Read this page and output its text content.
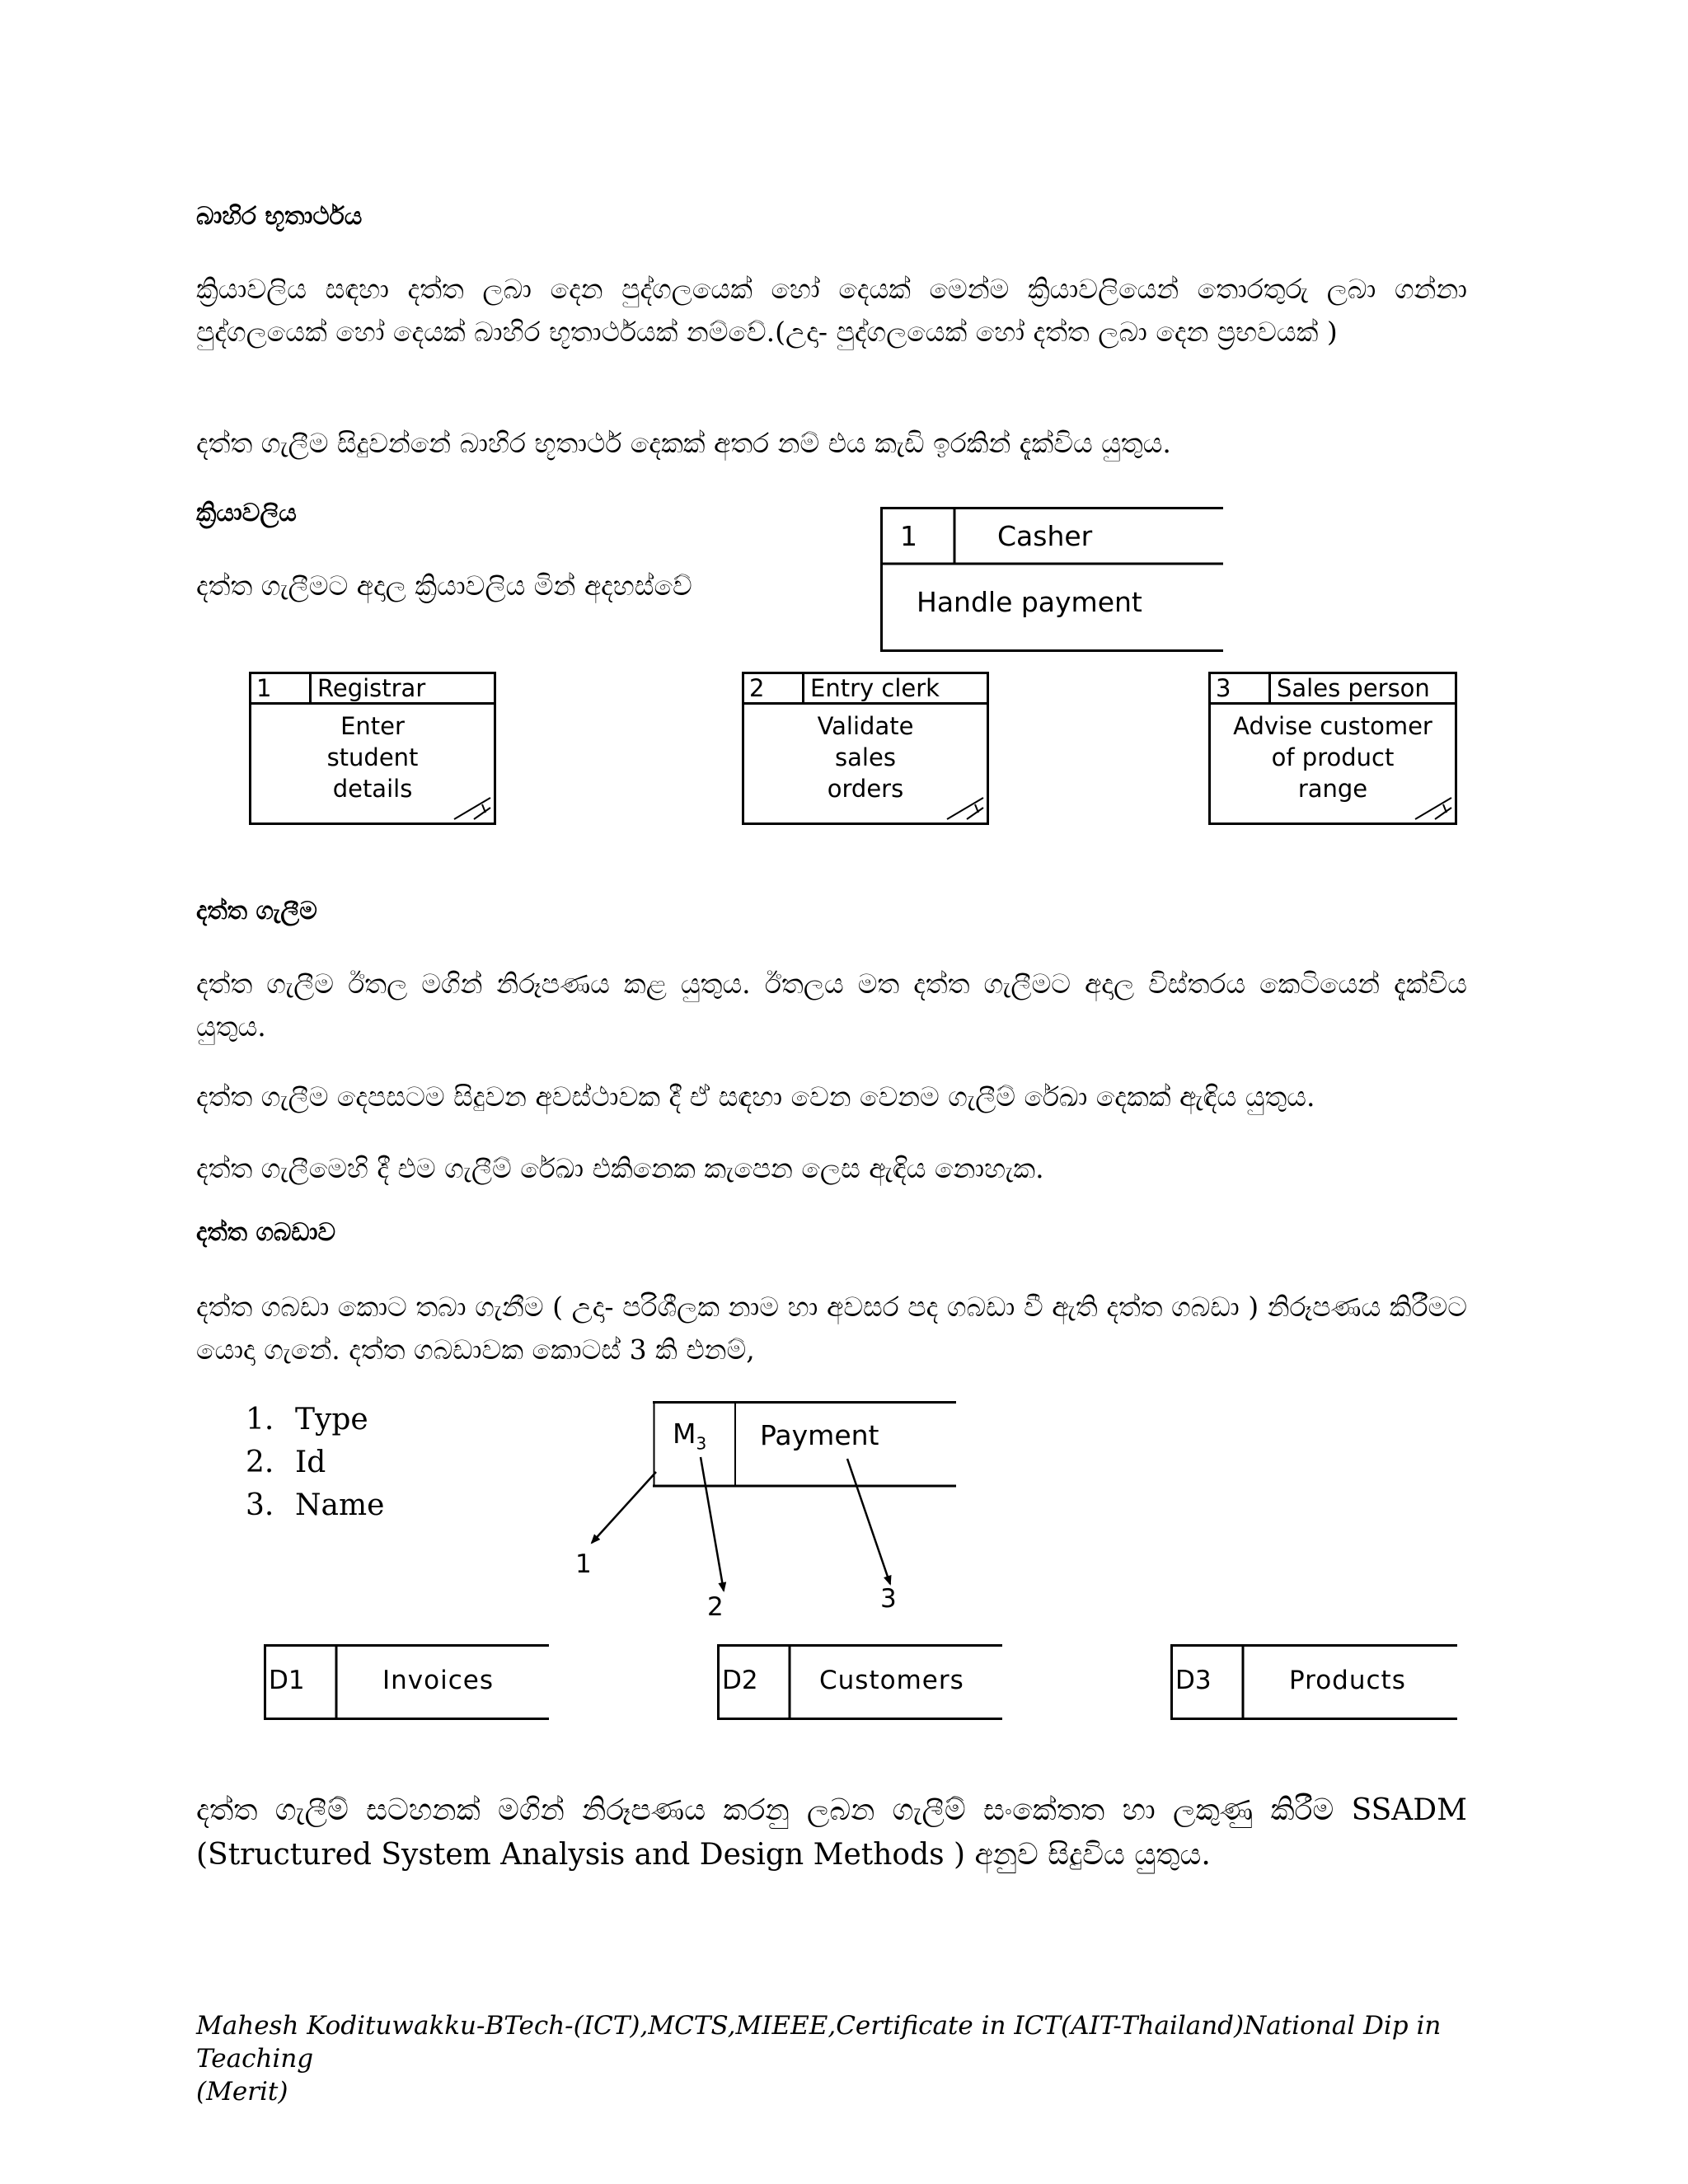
බාහිර භූතාර්ථය
ක්‍රියාවලිය සඳහා දත්ත ලබා දෙන පුද්ගලයෙක් හෝ දෙයක් මෙන්ම ක්‍රියාවලියෙන් තොරතුරු ලබා ගන්නා පුද්ගලයෙක් හෝ දෙයක් බාහිර භූතාර්ථයක් නම්වේ.(උදා- පුද්ගලයෙක් හෝ දත්ත ලබා දෙන ප්‍රභවයක් )
දත්ත ගැලීම සිදුවන්නේ බාහිර භූතාර්ථ දෙකක් අතර නම් එය කැඩි ඉරකින් දැක්විය යුතුය.
ක්‍රියාවලිය
දත්ත ගැලීමට අදාල ක්‍රියාවලිය මින් අදහස්වේ
1	Casher
Handle payment
1 Registrar
Enter
student
details
2 Entry clerk
Validate
sales
orders
3 Sales person
Advise customer
of product
range
දත්ත ගැලීම
දත්ත ගැලීම ඊතල මගින් නිරූපණය කළ යුතුය. ඊතලය මත දත්ත ගැලීමට අදාල විස්තරය කෙටියෙන් දැක්විය යුතුය.
දත්ත ගැලීම දෙපසටම සිදුවන අවස්ථාවක දී ඒ සඳහා වෙන වෙනම ගැලීම් රේඛා දෙකක් ඇඳිය යුතුය.
දත්ත ගැලීමෙහි දී එම ගැලීම් රේඛා එකිනෙක කැපෙන ලෙස ඇඳිය නොහැක.
දත්ත ගබඩාව
දත්ත ගබඩා කොට තබා ගැනීම ( උදා- පරිශීලක නාම හා අවසර පද ගබඩා වී ඇති දත්ත ගබඩා ) නිරූපණය කිරීමට යොදා ගැනේ. දත්ත ගබඩාවක කොටස් 3 කි එනම්,
1. Type
2. Id
3. Name
$M_3$ Payment
1
2	3
D1	Invoices	D2 Customers	D3	Products
දත්ත ගැලීම් සටහනක් මගින් නිරූපණය කරනු ලබන ගැලීම් සංකේතත හා ලකුණු කිරීම SSADM (Structured System Analysis and Design Methods ) අනුව සිදුවිය යුතුය.
Mahesh Kodituwakku-BTech-(ICT),MCTS,MIEEE,Certificate in ICT(AIT-Thailand)National Dip in Teaching
(Merit)
